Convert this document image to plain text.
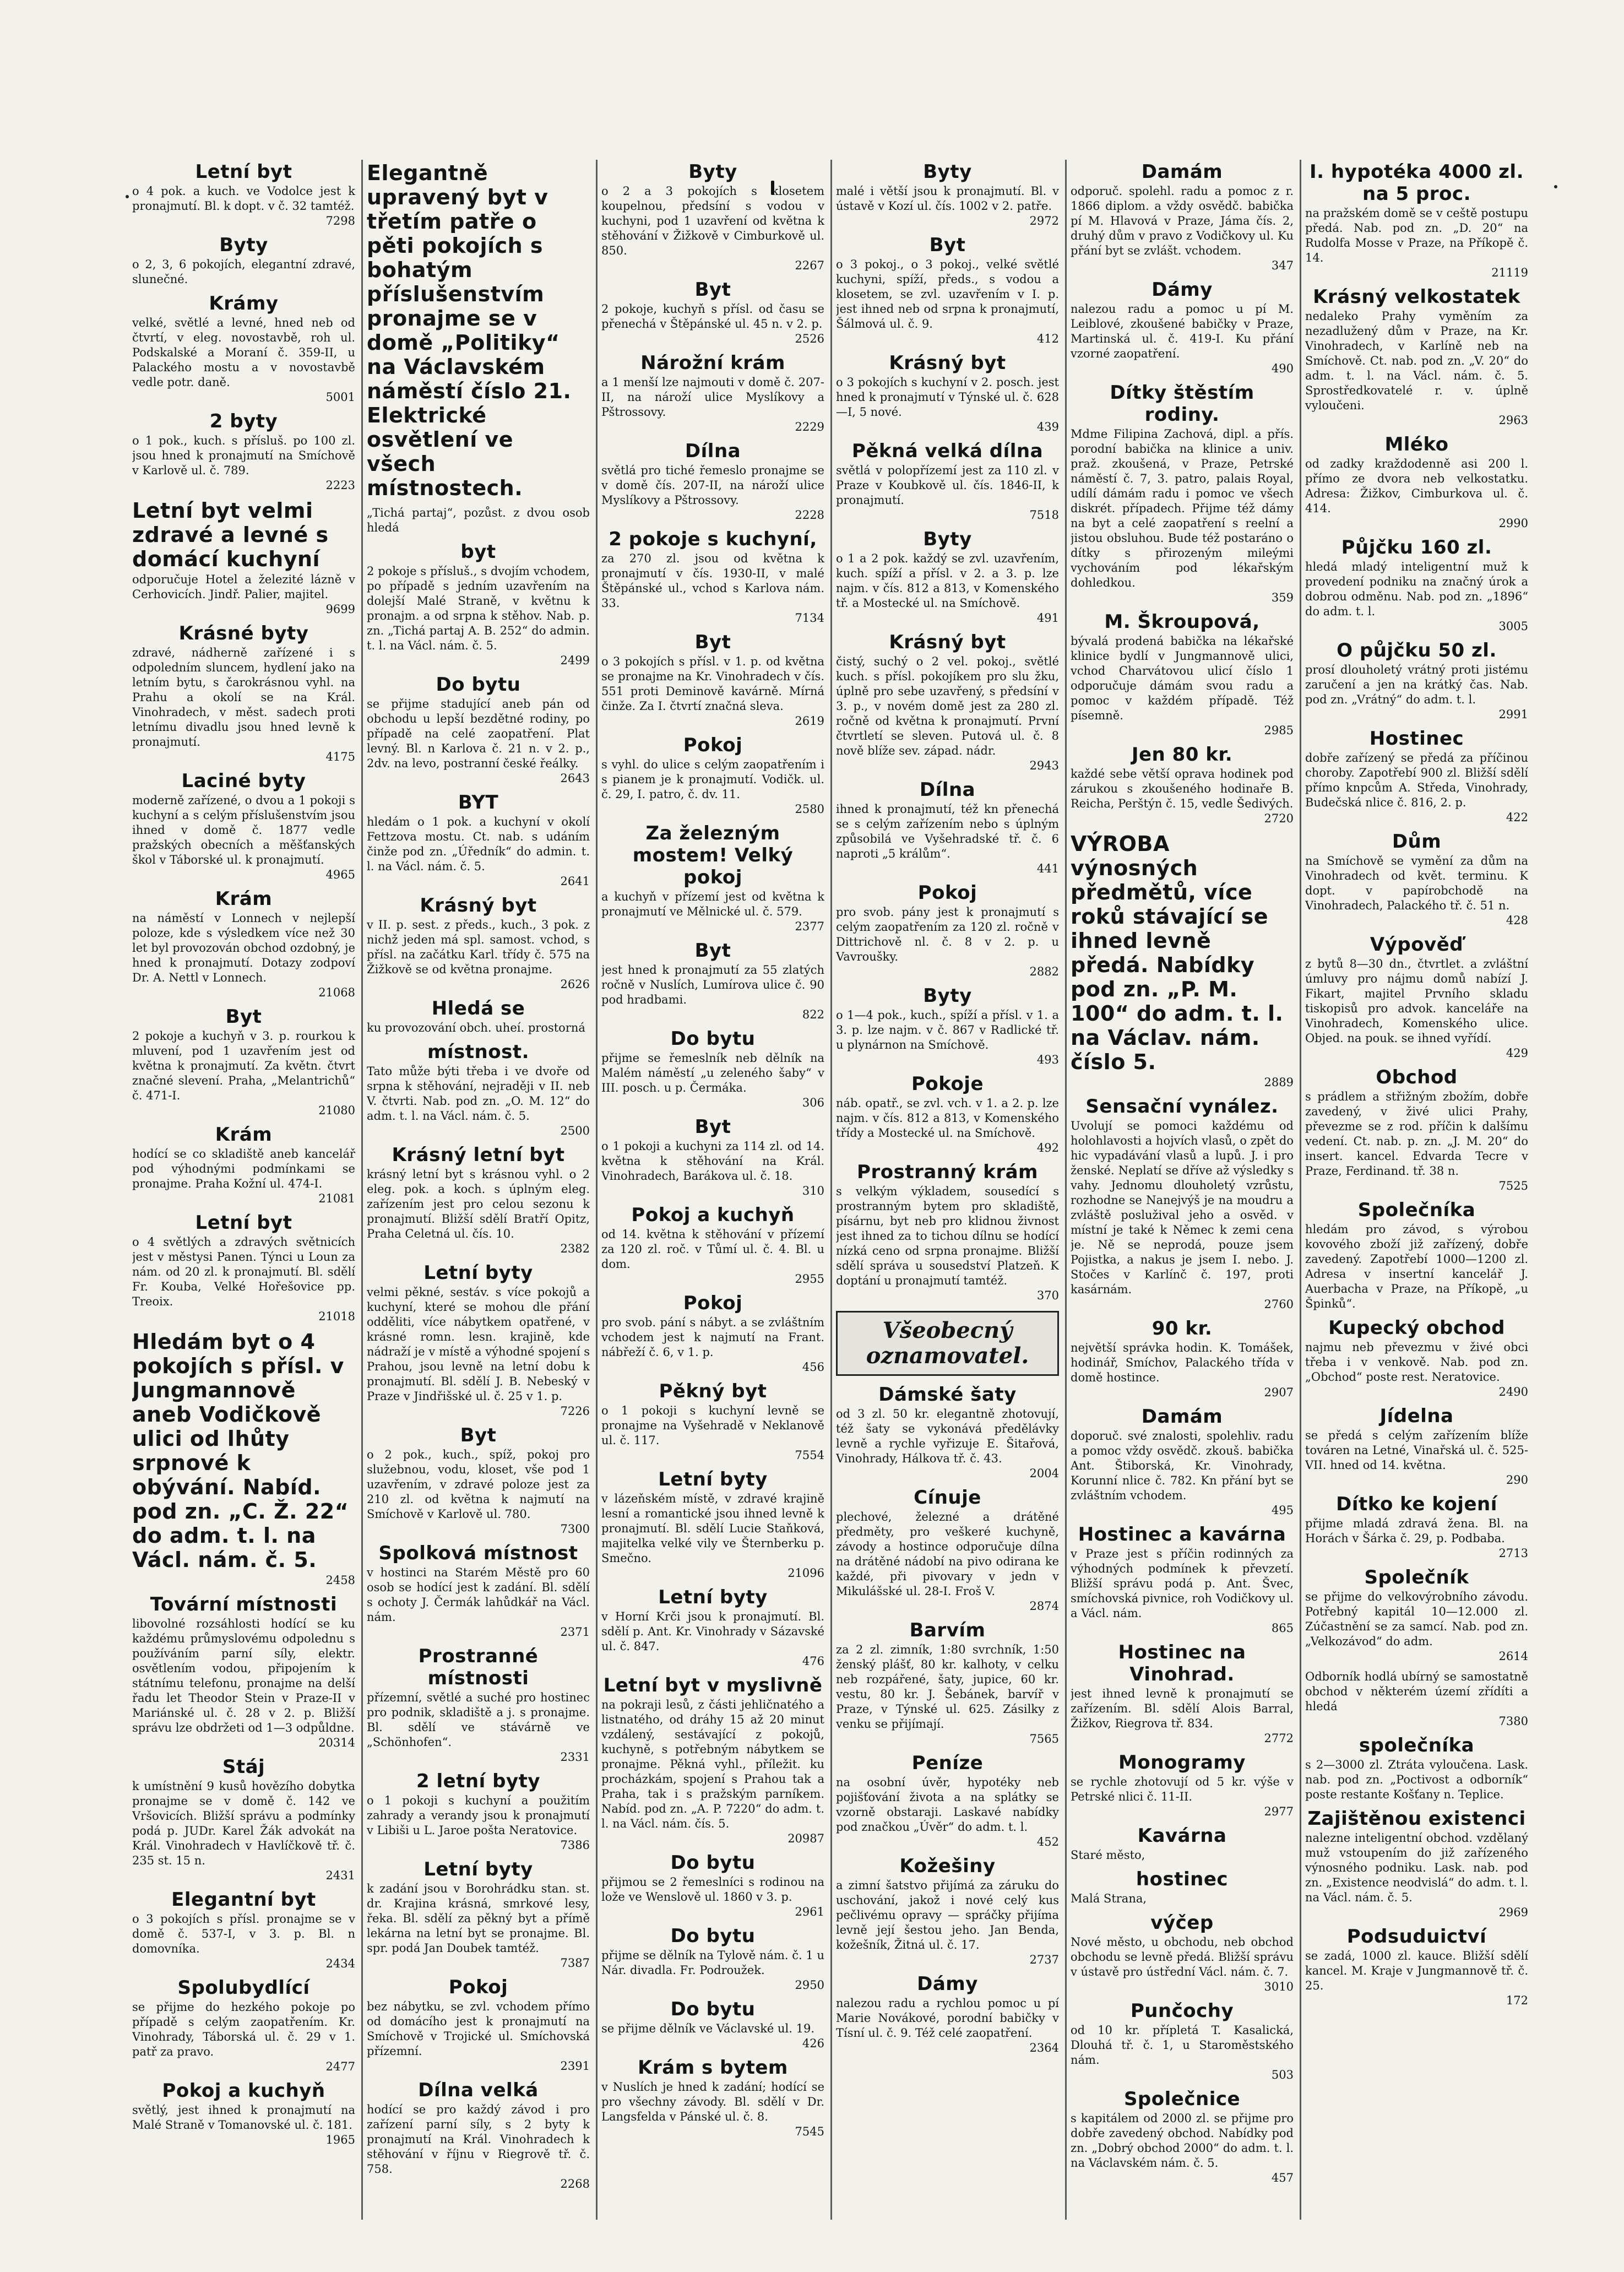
Letní byt

o 4 pok. a kuch. ve Vodolce jest k pronajmutí. Bl. k dopt. v č. 32 tamtéž.

7298
Byty

o 2, 3, 6 pokojích, elegantní zdravé, slunečné.

Krámy

velké, světlé a levné, hned neb od čtvrtí, v eleg. novostavbě, roh ul. Podskalské a Moraní č. 359-II, u Palackého mostu a v novostavbě vedle potr. daně.

5001
2 byty

o 1 pok., kuch. s přísluš. po 100 zl. jsou hned k pronajmutí na Smíchově v Karlově ul. č. 789.

2223
Letní byt velmi zdravé a levné s domácí kuchyní

odporučuje Hotel a železité lázně v Cerhovicích. Jindř. Palier, majitel.

9699
Krásné byty

zdravé, nádherně zařízené i s odpoledním sluncem, hydlení jako na letním bytu, s čarokrásnou vyhl. na Prahu a okolí se na Král. Vinohradech, v měst. sadech proti letnímu divadlu jsou hned levně k pronajmutí.

4175
Laciné byty

moderně zařízené, o dvou a 1 pokoji s kuchyní a s celým příslušenstvím jsou ihned v domě č. 1877 vedle pražských obecních a měšťanských škol v Táborské ul. k pronajmutí.

4965
Krám

na náměstí v Lonnech v nejlepší poloze, kde s výsledkem více než 30 let byl provozován obchod ozdobný, je hned k pronajmutí. Dotazy zodpoví Dr. A. Nettl v Lonnech.

21068
Byt

2 pokoje a kuchyň v 3. p. rourkou k mluvení, pod 1 uzavřením jest od května k pronajmutí. Za květn. čtvrt značné slevení. Praha, „Melantrichů“ č. 471-I.

21080
Krám

hodící se co skladiště aneb kancelář pod výhodnými podmínkami se pronajme. Praha Kožní ul. 474-I.

21081
Letní byt

o 4 světlých a zdravých světnicích jest v městysi Panen. Týnci u Loun za nám. od 20 zl. k pronajmutí. Bl. sdělí Fr. Kouba, Velké Hořešovice pp. Treoix.

21018
Hledám byt o 4 pokojích s přísl. v Jungmannově aneb Vodičkově ulici od lhůty srpnové k obývání. Nabíd. pod zn. „C. Ž. 22“ do adm. t. l. na Václ. nám. č. 5.
2458
Tovární místnosti

libovolné rozsáhlosti hodící se ku každému průmyslovému odpolednu s používáním parní síly, elektr. osvětlením vodou, připojením k státnímu telefonu, pronajme na delší řadu let Theodor Stein v Praze-II v Mariánské ul. č. 28 v 2. p. Bližší správu lze obdržeti od 1—3 odpůldne.

20314
Stáj

k umístnění 9 kusů hovězího dobytka pronajme se v domě č. 142 ve Vršovicích. Bližší správu a podmínky podá p. JUDr. Karel Žák advokát na Král. Vinohradech v Havlíčkově tř. č. 235 st. 15 n.

2431
Elegantní byt

o 3 pokojích s přísl. pronajme se v domě č. 537-I, v 3. p. Bl. n domovníka.

2434
Spolubydlící

se přijme do hezkého pokoje po případě s celým zaopatřením. Kr. Vinohrady, Táborská ul. č. 29 v 1. patř za pravo.

2477
Pokoj a kuchyň

světlý, jest ihned k pronajmutí na Malé Straně v Tomanovské ul. č. 181.

1965
Elegantně upravený byt v třetím patře o pěti pokojích s bohatým příslušenstvím pronajme se v domě „Politiky“ na Václavském náměstí číslo 21. Elektrické osvětlení ve všech místnostech.

„Tichá partaj“, pozůst. z dvou osob hledá

byt

2 pokoje s přísluš., s dvojím vchodem, po případě s jedním uzavřením na dolejší Malé Straně, v květnu k pronajm. a od srpna k stěhov. Nab. p. zn. „Tichá partaj A. B. 252“ do admin. t. l. na Václ. nám. č. 5.

2499
Do bytu

se přijme stadující aneb pán od obchodu u lepší bezdětné rodiny, po případě na celé zaopatření. Plat levný. Bl. n Karlova č. 21 n. v 2. p., 2dv. na levo, postranní české řeálky.

2643
BYT

hledám o 1 pok. a kuchyní v okolí Fettzova mostu. Ct. nab. s udáním činže pod zn. „Úředník“ do admin. t. l. na Václ. nám. č. 5.

2641
Krásný byt

v II. p. sest. z předs., kuch., 3 pok. z nichž jeden má spl. samost. vchod, s přísl. na začátku Karl. třídy č. 575 na Žižkově se od května pronajme.

2626
Hledá se

ku provozování obch. uheí. prostorná

místnost.

Tato může býti třeba i ve dvoře od srpna k stěhování, nejraději v II. neb V. čtvrti. Nab. pod zn. „O. M. 12“ do adm. t. l. na Václ. nám. č. 5.

2500
Krásný letní byt

krásný letní byt s krásnou vyhl. o 2 eleg. pok. a koch. s úplným eleg. zařízením jest pro celou sezonu k pronajmutí. Bližší sdělí Bratří Opitz, Praha Celetná ul. čís. 10.

2382
Letní byty

velmi pěkné, sestáv. s více pokojů a kuchyní, které se mohou dle přání odděliti, více nábytkem opatřené, v krásné romn. lesn. krajině, kde nádraží je v místě a výhodné spojení s Prahou, jsou levně na letní dobu k pronajmutí. Bl. sdělí J. B. Nebeský v Praze v Jindřišské ul. č. 25 v 1. p.

7226
Byt

o 2 pok., kuch., spíž, pokoj pro služebnou, vodu, kloset, vše pod 1 uzavřením, v zdravé poloze jest za 210 zl. od května k najmutí na Smíchově v Karlově ul. 780.

7300
Spolková místnost

v hostinci na Starém Městě pro 60 osob se hodící jest k zadání. Bl. sdělí s ochoty J. Čermák lahůdkář na Václ. nám.

2371
Prostranné místnosti

přízemní, světlé a suché pro hostinec pro podnik, skladiště a j. s pronajme. Bl. sdělí ve stávárně ve „Schönhofen“.

2331
2 letní byty

o 1 pokoji s kuchyní a použitím zahrady a verandy jsou k pronajmutí v Libiši u L. Jaroe pošta Neratovice.

7386
Letní byty

k zadání jsou v Borohrádku stan. st. dr. Krajina krásná, smrkové lesy, řeka. Bl. sdělí za pěkný byt a přímě lekárna na letní byt se pronajme. Bl. spr. podá Jan Doubek tamtéž.

7387
Pokoj

bez nábytku, se zvl. vchodem přímo od domácího jest k pronajmutí na Smíchově v Trojické ul. Smíchovská přízemní.

2391
Dílna velká

hodící se pro každý závod i pro zařízení parní síly, s 2 byty k pronajmutí na Král. Vinohradech k stěhování v říjnu v Riegrově tř. č. 758.

2268
Byty

o 2 a 3 pokojích s klosetem koupelnou, předsíní s vodou v kuchyni, pod 1 uzavření od května k stěhování v Žižkově v Cimburkově ul. 850.

2267
Byt

2 pokoje, kuchyň s přísl. od času se přenechá v Štěpánské ul. 45 n. v 2. p.

2526
Nárožní krám

a 1 menší lze najmouti v domě č. 207-II, na nároží ulice Myslíkovy a Pštrossovy.

2229
Dílna

světlá pro tiché řemeslo pronajme se v domě čís. 207-II, na nároží ulice Myslíkovy a Pštrossovy.

2228
2 pokoje s kuchyní,

za 270 zl. jsou od května k pronajmutí v čís. 1930-II, v malé Štěpánské ul., vchod s Karlova nám. 33.

7134
Byt

o 3 pokojích s přísl. v 1. p. od května se pronajme na Kr. Vinohradech v čís. 551 proti Deminově kavárně. Mírná činže. Za I. čtvrtí značná sleva.

2619
Pokoj

s vyhl. do ulice s celým zaopatřením i s pianem je k pronajmutí. Vodičk. ul. č. 29, I. patro, č. dv. 11.

2580
Za železným mostem! Velký pokoj

a kuchyň v přízemí jest od května k pronajmutí ve Mělnické ul. č. 579.

2377
Byt

jest hned k pronajmutí za 55 zlatých ročně v Nuslích, Lumírova ulice č. 90 pod hradbami.

822
Do bytu

přijme se řemeslník neb dělník na Malém náměstí „u zeleného šaby“ v III. posch. u p. Čermáka.

306
Byt

o 1 pokoji a kuchyni za 114 zl. od 14. května k stěhování na Král. Vinohradech, Barákova ul. č. 18.

310
Pokoj a kuchyň

od 14. května k stěhování v přízemí za 120 zl. roč. v Tůmí ul. č. 4. Bl. u dom.

2955
Pokoj

pro svob. pání s nábyt. a se zvláštním vchodem jest k najmutí na Frant. nábřeží č. 6, v 1. p.

456
Pěkný byt

o 1 pokoji s kuchyní levně se pronajme na Vyšehradě v Neklanově ul. č. 117.

7554
Letní byty

v lázeňském místě, v zdravé krajině lesní a romantické jsou ihned levně k pronajmutí. Bl. sdělí Lucie Staňková, majitelka velké vily ve Šternberku p. Smečno.

21096
Letní byty

v Horní Krči jsou k pronajmutí. Bl. sdělí p. Ant. Kr. Vinohrady v Sázavské ul. č. 847.

476
Letní byt v myslivně

na pokraji lesů, z části jehličnatého a listnatého, od dráhy 15 až 20 minut vzdálený, sestávající z pokojů, kuchyně, s potřebným nábytkem se pronajme. Pěkná vyhl., příležit. ku procházkám, spojení s Prahou tak a Praha, tak i s pražským parníkem. Nabíd. pod zn. „A. P. 7220“ do adm. t. l. na Václ. nám. čís. 5.

20987
Do bytu

přijmou se 2 řemeslníci s rodinou na lože ve Wenslově ul. 1860 v 3. p.

2961
Do bytu

přijme se dělník na Tylově nám. č. 1 u Nár. divadla. Fr. Podroužek.

2950
Do bytu

se přijme dělník ve Václavské ul. 19.

426
Krám s bytem

v Nuslích je hned k zadání; hodící se pro všechny závody. Bl. sdělí v Dr. Langsfelda v Pánské ul. č. 8.

7545
Byty

malé i větší jsou k pronajmutí. Bl. v ústavě v Kozí ul. čís. 1002 v 2. patře.

2972
Byt

o 3 pokoj., o 3 pokoj., velké světlé kuchyni, spíží, předs., s vodou a klosetem, se zvl. uzavřením v I. p. jest ihned neb od srpna k pronajmutí, Šálmová ul. č. 9.

412
Krásný byt

o 3 pokojích s kuchyní v 2. posch. jest hned k pronajmutí v Týnské ul. č. 628—I, 5 nové.

439
Pěkná velká dílna

světlá v polopřízemí jest za 110 zl. v Praze v Koubkově ul. čís. 1846-II, k pronajmutí.

7518
Byty

o 1 a 2 pok. každý se zvl. uzavřením, kuch. spíží a přísl. v 2. a 3. p. lze najm. v čís. 812 a 813, v Komenského tř. a Mostecké ul. na Smíchově.

491
Krásný byt

čistý, suchý o 2 vel. pokoj., světlé kuch. s přísl. pokojíkem pro slu žku, úplně pro sebe uzavřený, s předsíní v 3. p., v novém domě jest za 280 zl. ročně od května k pronajmutí. První čtvrtletí se sleven. Putová ul. č. 8 nově blíže sev. západ. nádr.

2943
Dílna

ihned k pronajmutí, též kn přenechá se s celým zařízením nebo s úplným způsobilá ve Vyšehradské tř. č. 6 naproti „5 králům“.

441
Pokoj

pro svob. pány jest k pronajmutí s celým zaopatřením za 120 zl. ročně v Dittrichově nl. č. 8 v 2. p. u Vavroušky.

2882
Byty

o 1—4 pok., kuch., spíží a přísl. v 1. a 3. p. lze najm. v č. 867 v Radlické tř. u plynárnon na Smíchově.

493
Pokoje

náb. opatř., se zvl. vch. v 1. a 2. p. lze najm. v čís. 812 a 813, v Komenského třídy a Mostecké ul. na Smíchově.

492
Prostranný krám

s velkým výkladem, sousedící s prostranným bytem pro skladiště, písárnu, byt neb pro klidnou živnost jest ihned za to tichou dílnu se hodící nízká ceno od srpna pronajme. Bližší sdělí správa u sousedství Platzeň. K doptání u pronajmutí tamtéž.

370
Všeobecný oznamovatel.
Dámské šaty

od 3 zl. 50 kr. elegantně zhotovují, též šaty se vykonává předělávky levně a rychle vyřizuje E. Šitařová, Vinohrady, Hálkova tř. č. 43.

2004
Cínuje

plechové, železné a drátěné předměty, pro veškeré kuchyně, závody a hostince odporučuje dílna na drátěné nádobí na pivo odirana ke každé, při pivovary v jedn v Mikulášské ul. 28-I. Froš V.

2874
Barvím

za 2 zl. zimník, 1:80 svrchník, 1:50 ženský plášť, 80 kr. kalhoty, v celku neb rozpářené, šaty, jupice, 60 kr. vestu, 80 kr. J. Šebánek, barvíř v Praze, v Týnské ul. 625. Zásilky z venku se přijímají.

7565
Peníze

na osobní úvěr, hypotéky neb pojišťování života a na splátky se vzorně obstaraji. Laskavé nabídky pod značkou „Úvěr“ do adm. t. l.

452
Kožešiny

a zimní šatstvo přijímá za záruku do uschování, jakož i nové celý kus pečlivému opravy — spráčky přijíma levně její šestou jeho. Jan Benda, kožešník, Žitná ul. č. 17.

2737
Dámy

nalezou radu a rychlou pomoc u pí Marie Novákové, porodní babičky v Tísní ul. č. 9. Též celé zaopatření.

2364
Damám

odporuč. spolehl. radu a pomoc z r. 1866 diplom. a vždy osvědč. babička pí M. Hlavová v Praze, Jáma čís. 2, druhý dům v pravo z Vodičkovy ul. Ku přání byt se zvlášt. vchodem.

347
Dámy

nalezou radu a pomoc u pí M. Leiblové, zkoušené babičky v Praze, Martinská ul. č. 419-I. Ku přání vzorné zaopatření.

490
Dítky štěstím rodiny.

Mdme Filipina Zachová, dipl. a přís. porodní babička na klinice a univ. praž. zkoušená, v Praze, Petrské náměstí č. 7, 3. patro, palais Royal, udílí dámám radu i pomoc ve všech diskrét. případech. Přijme též dámy na byt a celé zaopatření s reelní a jistou obsluhou. Bude též postaráno o dítky s přirozeným mileými vychováním pod lékařským dohledkou.

359
M. Škroupová,

bývalá prodená babička na lékařské klinice bydlí v Jungmannově ulici, vchod Charvátovou ulicí číslo 1 odporučuje dámám svou radu a pomoc v každém případě. Též písemně.

2985
Jen 80 kr.

každé sebe větší oprava hodinek pod zárukou s zkoušeného hodinaře B. Reicha, Perštýn č. 15, vedle Šedivých.

2720
VÝROBA výnosných předmětů, více roků stávající se ihned levně předá. Nabídky pod zn. „P. M. 100“ do adm. t. l. na Václav. nám. číslo 5.
2889
Sensační vynález.

Uvolují se pomoci každému od holohlavosti a hojvích vlasů, o zpět do hic vypadávání vlasů a lupů. J. i pro ženské. Neplatí se dříve až výsledky s vahy. Jednomu dlouholetý vzrůstu, rozhodne se Nanejvýš je na moudru a zvláště poslužival jeho a osvěd. v místní je také k Němec k zemi cena je. Ně se neprodá, pouze jsem Pojistka, a nakus je jsem I. nebo. J. Stočes v Karlínč č. 197, proti kasárnám.

2760
90 kr.

největší správka hodin. K. Tomášek, hodinář, Smíchov, Palackého třída v domě hostince.

2907
Damám

doporuč. své znalosti, spolehliv. radu a pomoc vždy osvědč. zkouš. babička Ant. Štiborská, Kr. Vinohrady, Korunní nlice č. 782. Kn přání byt se zvláštním vchodem.

495
Hostinec a kavárna

v Praze jest s příčin rodinných za výhodných podmínek k převzetí. Bližší správu podá p. Ant. Švec, smíchovská pivnice, roh Vodičkovy ul. a Václ. nám.

865
Hostinec na Vinohrad.

jest ihned levně k pronajmutí se zařízením. Bl. sdělí Alois Barral, Žižkov, Riegrova tř. 834.

2772
Monogramy

se rychle zhotovují od 5 kr. výše v Petrské nlici č. 11-II.

2977
Kavárna

Staré město,

hostinec

Malá Strana,

výčep

Nové město, u obchodu, neb obchod obchodu se levně předá. Bližší správu v ústavě pro ústřední Václ. nám. č. 7.

3010
Punčochy

od 10 kr. přípletá T. Kasalická, Dlouhá tř. č. 1, u Staroměstského nám.

503
Společnice

s kapitálem od 2000 zl. se přijme pro dobře zavedený obchod. Nabídky pod zn. „Dobrý obchod 2000“ do adm. t. l. na Václavském nám. č. 5.

457
I. hypotéka 4000 zl. na 5 proc.

na pražském domě se v ceště postupu předá. Nab. pod zn. „D. 20“ na Rudolfa Mosse v Praze, na Příkopě č. 14.

21119
Krásný velkostatek

nedaleko Prahy vyměním za nezadlužený dům v Praze, na Kr. Vinohradech, v Karlíně neb na Smíchově. Ct. nab. pod zn. „V. 20“ do adm. t. l. na Václ. nám. č. 5. Sprostředkovatelé r. v. úplně vyloučeni.

2963
Mléko

od zadky kraždodenně asi 200 l. přímo ze dvora neb velkostatku. Adresa: Žižkov, Cimburkova ul. č. 414.

2990
Půjčku 160 zl.

hledá mladý inteligentní muž k provedení podniku na značný úrok a dobrou odměnu. Nab. pod zn. „1896“ do adm. t. l.

3005
O půjčku 50 zl.

prosí dlouholetý vrátný proti jistému zaručení a jen na krátký čas. Nab. pod zn. „Vrátný“ do adm. t. l.

2991
Hostinec

dobře zařízený se předá za příčinou choroby. Zapotřebí 900 zl. Bližší sdělí přímo knpcům A. Středa, Vinohrady, Budečská nlice č. 816, 2. p.

422
Dům

na Smíchově se vymění za dům na Vinohradech od květ. terminu. K dopt. v papírobchodě na Vinohradech, Palackého tř. č. 51 n.

428
Výpověď

z bytů 8—30 dn., čtvrtlet. a zvláštní úmluvy pro nájmu domů nabízí J. Fikart, majitel Prvního skladu tiskopisů pro advok. kanceláře na Vinohradech, Komenského ulice. Objed. na pouk. se ihned vyřídí.

429
Obchod

s prádlem a střižným zbožím, dobře zavedený, v živé ulici Prahy, převezme se z rod. příčin k dalšímu vedení. Ct. nab. p. zn. „J. M. 20“ do insert. kancel. Edvarda Tecre v Praze, Ferdinand. tř. 38 n.

7525
Společníka

hledám pro závod, s výrobou kovového zboží již zařízený, dobře zavedený. Zapotřebí 1000—1200 zl. Adresa v insertní kancelář J. Auerbacha v Praze, na Příkopě, „u Špinků“.

Kupecký obchod

najmu neb převezmu v živé obci třeba i v venkově. Nab. pod zn. „Obchod“ poste rest. Neratovice.

2490
Jídelna

se předá s celým zařízením blíže továren na Letné, Vinařská ul. č. 525-VII. hned od 14. května.

290
Dítko ke kojení

přijme mladá zdravá žena. Bl. na Horách v Šárka č. 29, p. Podbaba.

2713
Společník

se přijme do velkovýrobního závodu. Potřebný kapitál 10—12.000 zl. Zúčastnění se za samcí. Nab. pod zn. „Velkozávod“ do adm.

2614

Odborník hodlá ubírný se samostatně obchod v některém území zřídíti a hledá

7380
společníka

s 2—3000 zl. Ztráta vyloučena. Lask. nab. pod zn. „Poctivost a odborník“ poste restante Košťany n. Teplice.

Zajištěnou existenci

nalezne inteligentní obchod. vzdělaný muž vstoupením do již zařízeného výnosného podniku. Lask. nab. pod zn. „Existence neodvislá“ do adm. t. l. na Václ. nám. č. 5.

2969
Podsuduictví

se zadá, 1000 zl. kauce. Bližší sdělí kancel. M. Kraje v Jungmannově tř. č. 25.

172
